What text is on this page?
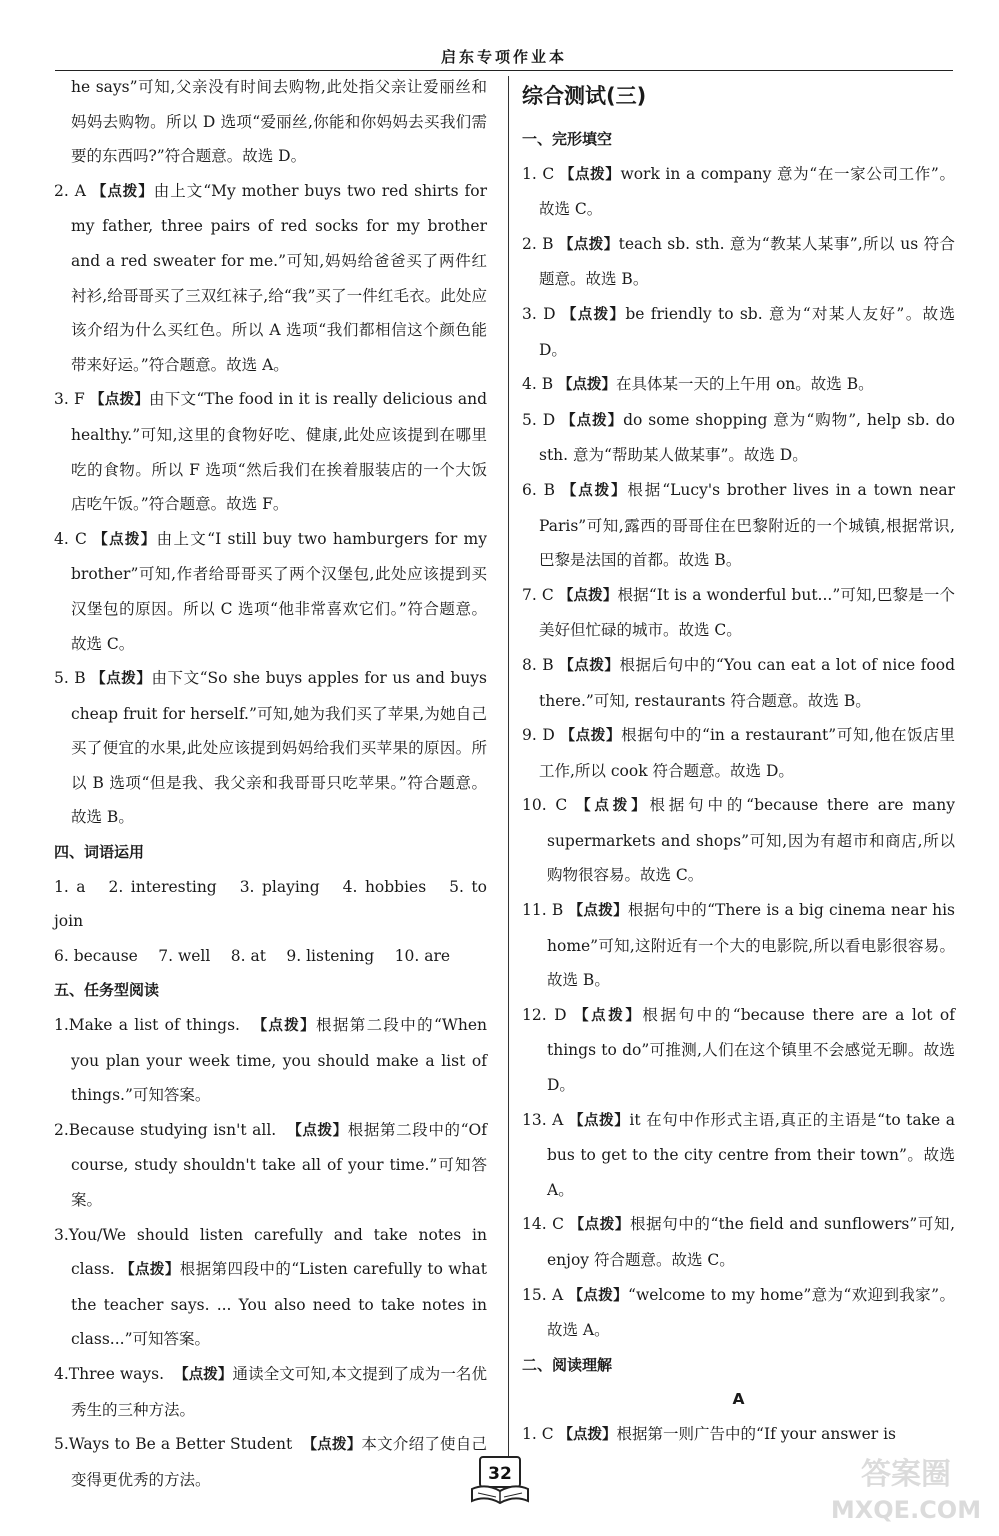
启东专项作业本

he says”可知,父亲没有时间去购物,此处指父亲让爱丽丝和妈妈去购物。所以 D 选项“爱丽丝,你能和你妈妈去买我们需要的东西吗?”符合题意。故选 D。

2. A 【点拨】由上文“My mother buys two red shirts for my father, three pairs of red socks for my brother and a red sweater for me.”可知,妈妈给爸爸买了两件红衬衫,给哥哥买了三双红袜子,给“我”买了一件红毛衣。此处应该介绍为什么买红色。所以 A 选项“我们都相信这个颜色能带来好运。”符合题意。故选 A。

3. F 【点拨】由下文“The food in it is really delicious and healthy.”可知,这里的食物好吃、健康,此处应该提到在哪里吃的食物。所以 F 选项“然后我们在挨着服装店的一个大饭店吃午饭。”符合题意。故选 F。

4. C 【点拨】由上文“I still buy two hamburgers for my brother”可知,作者给哥哥买了两个汉堡包,此处应该提到买汉堡包的原因。所以 C 选项“他非常喜欢它们。”符合题意。故选 C。

5. B 【点拨】由下文“So she buys apples for us and buys cheap fruit for herself.”可知,她为我们买了苹果,为她自己买了便宜的水果,此处应该提到妈妈给我们买苹果的原因。所以 B 选项“但是我、我父亲和我哥哥只吃苹果。”符合题意。故选 B。

四、词语运用

1. a  2. interesting  3. playing  4. hobbies  5. to join

6. because  7. well  8. at  9. listening  10. are

五、任务型阅读

1.Make a list of things. 【点拨】根据第二段中的“When you plan your week time, you should make a list of things.”可知答案。

2.Because studying isn't all. 【点拨】根据第二段中的“Of course, study shouldn't take all of your time.”可知答案。

3.You/We should listen carefully and take notes in class. 【点拨】根据第四段中的“Listen carefully to what the teacher says. ... You also need to take notes in class...”可知答案。

4.Three ways. 【点拨】通读全文可知,本文提到了成为一名优秀生的三种方法。

5.Ways to Be a Better Student 【点拨】本文介绍了使自己变得更优秀的方法。

综合测试(三)

一、完形填空

1. C 【点拨】work in a company 意为“在一家公司工作”。故选 C。

2. B 【点拨】teach sb. sth. 意为“教某人某事”,所以 us 符合题意。故选 B。

3. D 【点拨】be friendly to sb. 意为“对某人友好”。故选 D。

4. B 【点拨】在具体某一天的上午用 on。故选 B。

5. D 【点拨】do some shopping 意为“购物”, help sb. do sth. 意为“帮助某人做某事”。故选 D。

6. B 【点拨】根据“Lucy's brother lives in a town near Paris”可知,露西的哥哥住在巴黎附近的一个城镇,根据常识,巴黎是法国的首都。故选 B。

7. C 【点拨】根据“It is a wonderful but...”可知,巴黎是一个美好但忙碌的城市。故选 C。

8. B 【点拨】根据后句中的“You can eat a lot of nice food there.”可知, restaurants 符合题意。故选 B。

9. D 【点拨】根据句中的“in a restaurant”可知,他在饭店里工作,所以 cook 符合题意。故选 D。

10. C 【点拨】根据句中的“because there are many supermarkets and shops”可知,因为有超市和商店,所以购物很容易。故选 C。

11. B 【点拨】根据句中的“There is a big cinema near his home”可知,这附近有一个大的电影院,所以看电影很容易。故选 B。

12. D 【点拨】根据句中的“because there are a lot of things to do”可推测,人们在这个镇里不会感觉无聊。故选 D。

13. A 【点拨】it 在句中作形式主语,真正的主语是“to take a bus to get to the city centre from their town”。故选 A。

14. C 【点拨】根据句中的“the field and sunflowers”可知, enjoy 符合题意。故选 C。

15. A 【点拨】“welcome to my home”意为“欢迎到我家”。故选 A。

二、阅读理解

A

1. C 【点拨】根据第一则广告中的“If your answer is

32	答案圈
MXQE.COM
